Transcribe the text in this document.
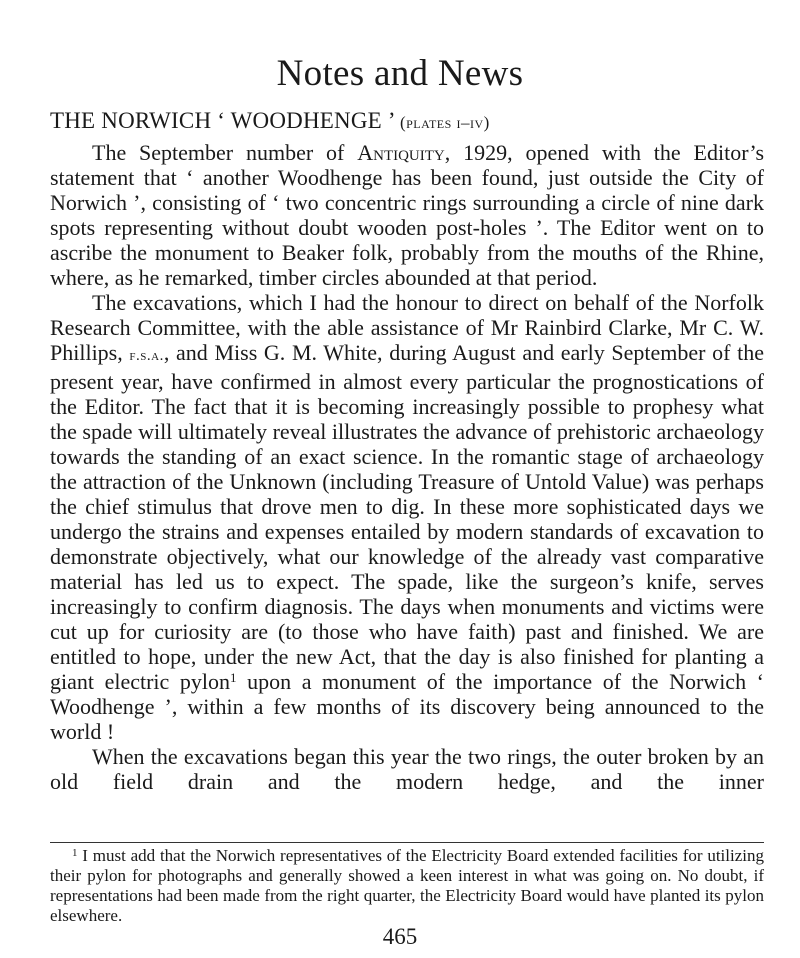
Notes and News
THE NORWICH ‘ WOODHENGE ’ (plates i–iv)

The September number of Antiquity, 1929, opened with the Editor’s statement that ‘ another Woodhenge has been found, just outside the City of Norwich ’, consisting of ‘ two concentric rings surrounding a circle of nine dark spots representing without doubt wooden post-holes ’. The Editor went on to ascribe the monument to Beaker folk, probably from the mouths of the Rhine, where, as he remarked, timber circles abounded at that period.

The excavations, which I had the honour to direct on behalf of the Norfolk Research Committee, with the able assistance of Mr Rainbird Clarke, Mr C. W. Phillips, f.s.a., and Miss G. M. White, during August and early September of the present year, have confirmed in almost every particular the prognostications of the Editor. The fact that it is becoming increasingly possible to prophesy what the spade will ultimately reveal illustrates the advance of prehistoric archaeology towards the standing of an exact science. In the romantic stage of archaeology the attraction of the Unknown (including Treasure of Untold Value) was perhaps the chief stimulus that drove men to dig. In these more sophisticated days we undergo the strains and expenses entailed by modern standards of excavation to demonstrate objectively, what our knowledge of the already vast comparative material has led us to expect. The spade, like the surgeon’s knife, serves increasingly to confirm diagnosis. The days when monuments and victims were cut up for curiosity are (to those who have faith) past and finished. We are entitled to hope, under the new Act, that the day is also finished for planting a giant electric pylon$^1$ upon a monument of the importance of the Norwich ‘ Woodhenge ’, within a few months of its discovery being announced to the world !

When the excavations began this year the two rings, the outer broken by an old field drain and the modern hedge, and the inner

$^1$ I must add that the Norwich representatives of the Electricity Board extended facilities for utilizing their pylon for photographs and generally showed a keen interest in what was going on. No doubt, if representations had been made from the right quarter, the Electricity Board would have planted its pylon elsewhere.

465
